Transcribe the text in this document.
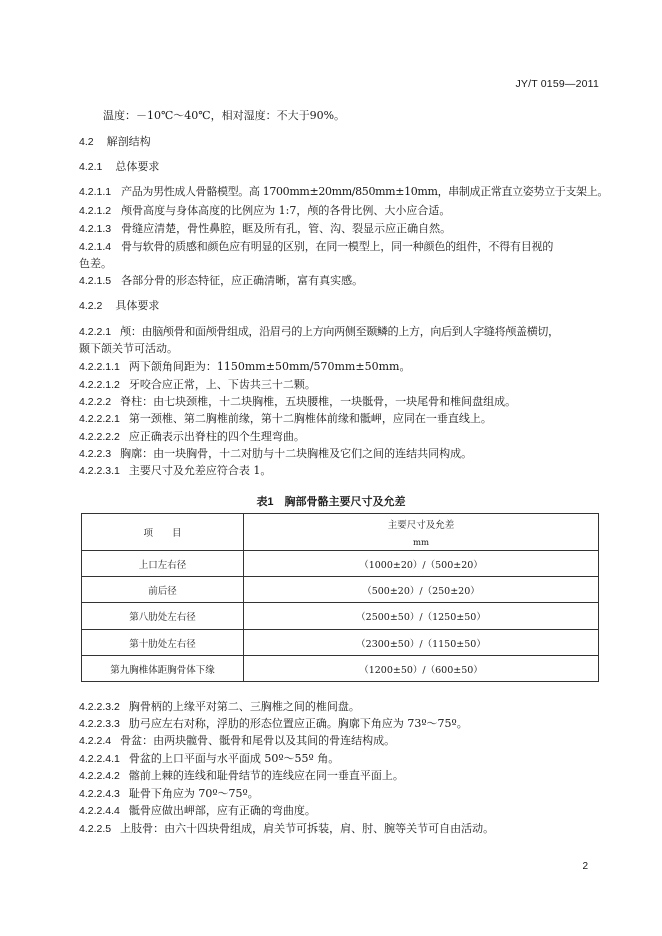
JY/T 0159—2011
温度：－10℃～40℃，相对湿度：不大于90%。
4.2 解剖结构
4.2.1 总体要求
4.2.1.1 产品为男性成人骨骼模型。高 1700mm±20mm/850mm±10mm，串制成正常直立姿势立于支架上。
4.2.1.2 颅骨高度与身体高度的比例应为 1:7，颅的各骨比例、大小应合适。
4.2.1.3 骨缝应清楚，骨性鼻腔，眶及所有孔，管、沟、裂显示应正确自然。
4.2.1.4 骨与软骨的质感和颜色应有明显的区别，在同一模型上，同一种颜色的组件，不得有目视的
色差。
4.2.1.5 各部分骨的形态特征，应正确清晰，富有真实感。
4.2.2 具体要求
4.2.2.1 颅：由脑颅骨和面颅骨组成，沿眉弓的上方向两侧至颞鳞的上方，向后到人字缝将颅盖横切，
颞下颌关节可活动。
4.2.2.1.1 两下颌角间距为：1150mm±50mm/570mm±50mm。
4.2.2.1.2 牙咬合应正常，上、下齿共三十二颗。
4.2.2.2 脊柱：由七块颈椎，十二块胸椎，五块腰椎，一块骶骨，一块尾骨和椎间盘组成。
4.2.2.2.1 第一颈椎、第二胸椎前缘，第十二胸椎体前缘和骶岬，应同在一垂直线上。
4.2.2.2.2 应正确表示出脊柱的四个生理弯曲。
4.2.2.3 胸廓：由一块胸骨，十二对肋与十二块胸椎及它们之间的连结共同构成。
4.2.2.3.1 主要尺寸及允差应符合表 1。
表1　胸部骨骼主要尺寸及允差
项　　目	主要尺寸及允差
mm

上口左右径	（1000±20）/（500±20）
前后径	（500±20）/（250±20）
第八肋处左右径	（2500±50）/（1250±50）
第十肋处左右径	（2300±50）/（1150±50）
第九胸椎体距胸骨体下缘	（1200±50）/（600±50）
4.2.2.3.2 胸骨柄的上缘平对第二、三胸椎之间的椎间盘。
4.2.2.3.3 肋弓应左右对称，浮肋的形态位置应正确。胸廓下角应为 73º～75º。
4.2.2.4 骨盆：由两块髋骨、骶骨和尾骨以及其间的骨连结构成。
4.2.2.4.1 骨盆的上口平面与水平面成 50º～55º 角。
4.2.2.4.2 髂前上棘的连线和耻骨结节的连线应在同一垂直平面上。
4.2.2.4.3 耻骨下角应为 70º～75º。
4.2.2.4.4 骶骨应做出岬部，应有正确的弯曲度。
4.2.2.5 上肢骨：由六十四块骨组成，肩关节可拆装，肩、肘、腕等关节可自由活动。
2
